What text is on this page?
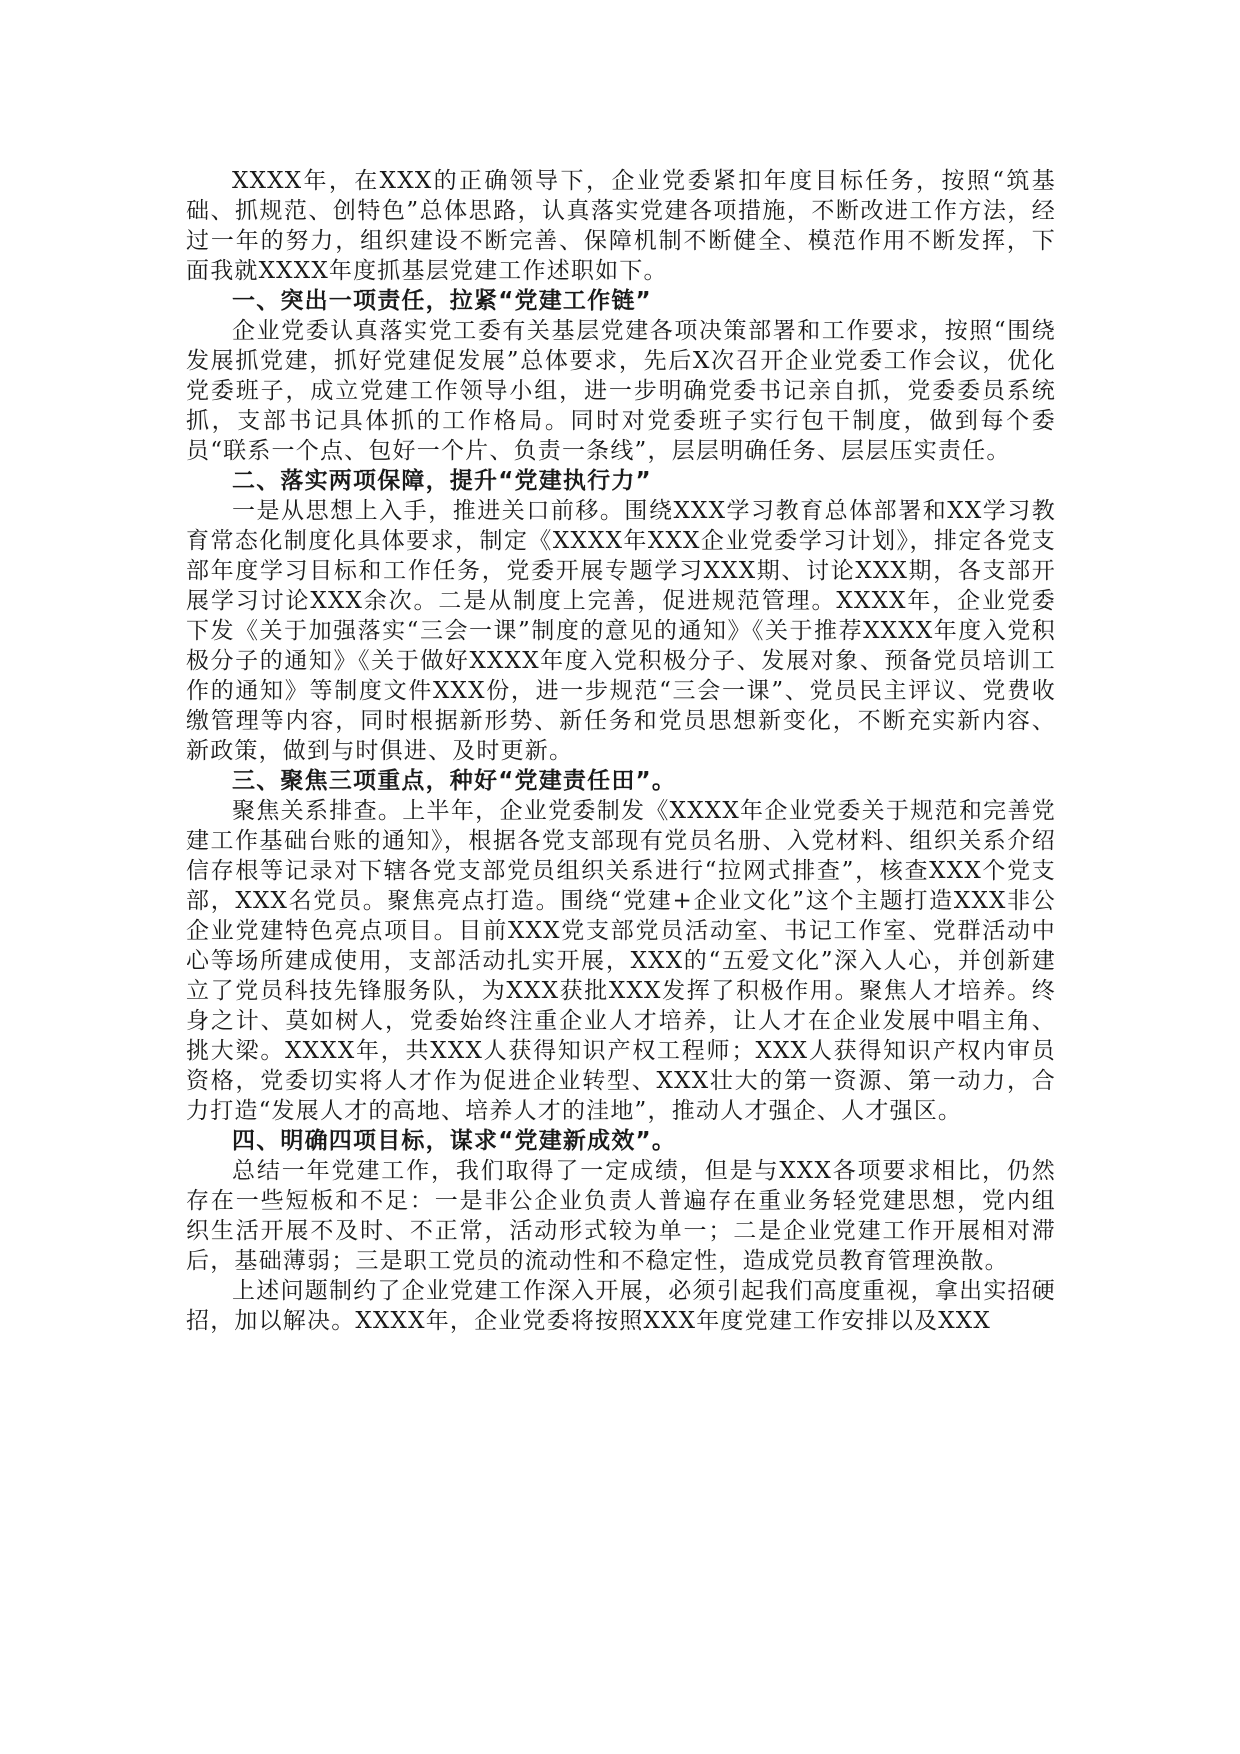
XXXX年，在XXX的正确领导下，企业党委紧扣年度目标任务，按照“筑基础、抓规范、创特色”总体思路，认真落实党建各项措施，不断改进工作方法，经过一年的努力，组织建设不断完善、保障机制不断健全、模范作用不断发挥，下面我就XXXX年度抓基层党建工作述职如下。

一、突出一项责任，拉紧“党建工作链”

企业党委认真落实党工委有关基层党建各项决策部署和工作要求，按照“围绕发展抓党建，抓好党建促发展”总体要求，先后X次召开企业党委工作会议，优化党委班子，成立党建工作领导小组，进一步明确党委书记亲自抓，党委委员系统抓，支部书记具体抓的工作格局。同时对党委班子实行包干制度，做到每个委员“联系一个点、包好一个片、负责一条线”，层层明确任务、层层压实责任。

二、落实两项保障，提升“党建执行力”

一是从思想上入手，推进关口前移。围绕XXX学习教育总体部署和XX学习教育常态化制度化具体要求，制定《XXXX年XXX企业党委学习计划》，排定各党支部年度学习目标和工作任务，党委开展专题学习XXX期、讨论XXX期，各支部开展学习讨论XXX余次。二是从制度上完善，促进规范管理。XXXX年，企业党委下发《关于加强落实“三会一课”制度的意见的通知》《关于推荐XXXX年度入党积极分子的通知》《关于做好XXXX年度入党积极分子、发展对象、预备党员培训工作的通知》等制度文件XXX份，进一步规范“三会一课”、党员民主评议、党费收缴管理等内容，同时根据新形势、新任务和党员思想新变化，不断充实新内容、新政策，做到与时俱进、及时更新。

三、聚焦三项重点，种好“党建责任田”。

聚焦关系排查。上半年，企业党委制发《XXXX年企业党委关于规范和完善党建工作基础台账的通知》，根据各党支部现有党员名册、入党材料、组织关系介绍信存根等记录对下辖各党支部党员组织关系进行“拉网式排查”，核查XXX个党支部，XXX名党员。聚焦亮点打造。围绕“党建+企业文化”这个主题打造XXX非公企业党建特色亮点项目。目前XXX党支部党员活动室、书记工作室、党群活动中心等场所建成使用，支部活动扎实开展，XXX的“五爱文化”深入人心，并创新建立了党员科技先锋服务队，为XXX获批XXX发挥了积极作用。聚焦人才培养。终身之计、莫如树人，党委始终注重企业人才培养，让人才在企业发展中唱主角、挑大梁。XXXX年，共XXX人获得知识产权工程师；XXX人获得知识产权内审员资格，党委切实将人才作为促进企业转型、XXX壮大的第一资源、第一动力，合力打造“发展人才的高地、培养人才的洼地”，推动人才强企、人才强区。

四、明确四项目标，谋求“党建新成效”。

总结一年党建工作，我们取得了一定成绩，但是与XXX各项要求相比，仍然存在一些短板和不足：一是非公企业负责人普遍存在重业务轻党建思想，党内组织生活开展不及时、不正常，活动形式较为单一；二是企业党建工作开展相对滞后，基础薄弱；三是职工党员的流动性和不稳定性，造成党员教育管理涣散。

上述问题制约了企业党建工作深入开展，必须引起我们高度重视，拿出实招硬招，加以解决。XXXX年，企业党委将按照XXX年度党建工作安排以及XXX
